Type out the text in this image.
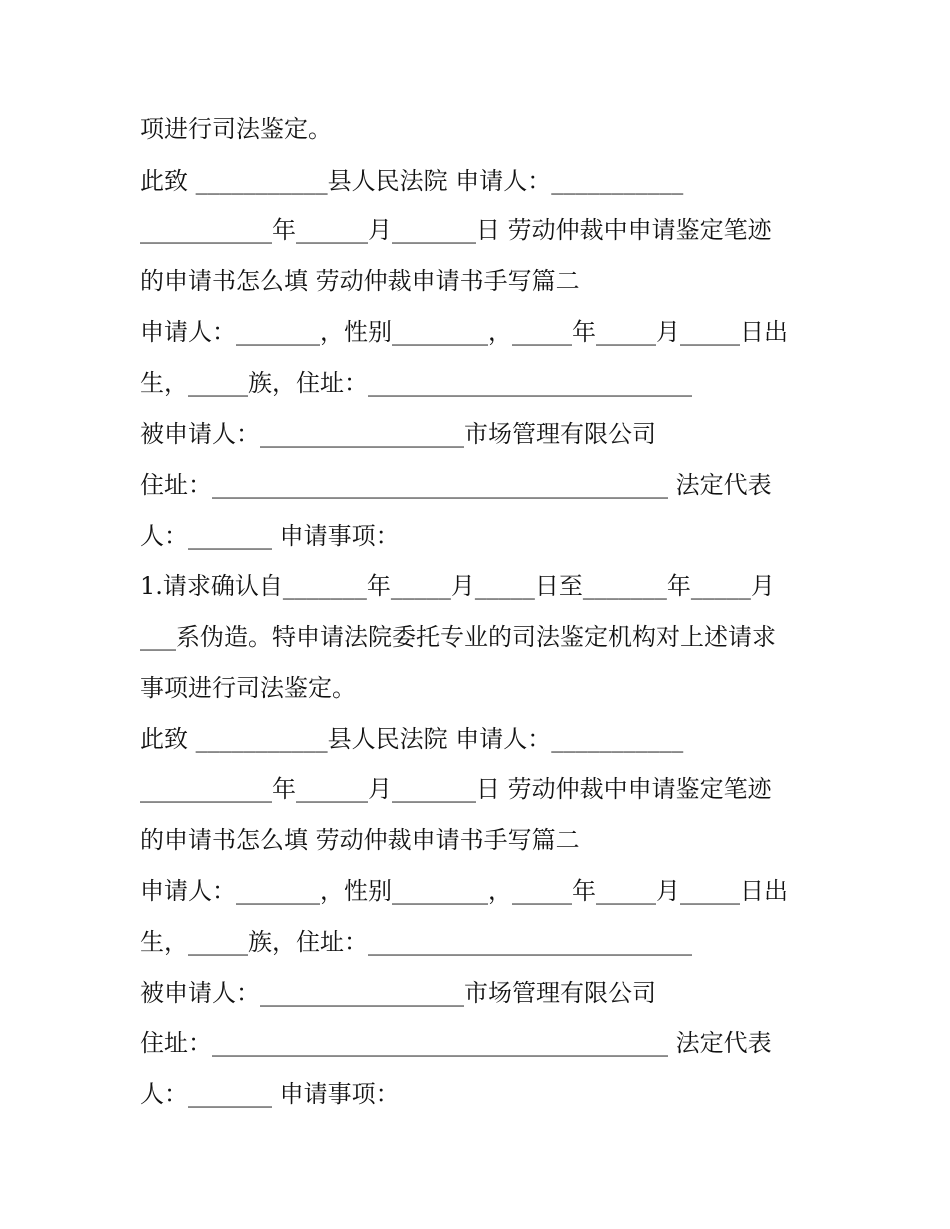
项进行司法鉴定。
此致 ___________县人民法院 申请人：___________
___________年______月_______日 劳动仲裁中申请鉴定笔迹
的申请书怎么填 劳动仲裁申请书手写篇二
申请人：_______，性别________，_____年_____月_____日出
生，_____族，住址：___________________________
被申请人：_________________市场管理有限公司
住址：______________________________________ 法定代表
人：_______ 申请事项：
1.请求确认自_______年_____月_____日至_______年_____月
___系伪造。特申请法院委托专业的司法鉴定机构对上述请求
事项进行司法鉴定。
此致 ___________县人民法院 申请人：___________
___________年______月_______日 劳动仲裁中申请鉴定笔迹
的申请书怎么填 劳动仲裁申请书手写篇二
申请人：_______，性别________，_____年_____月_____日出
生，_____族，住址：___________________________
被申请人：_________________市场管理有限公司
住址：______________________________________ 法定代表
人：_______ 申请事项：
